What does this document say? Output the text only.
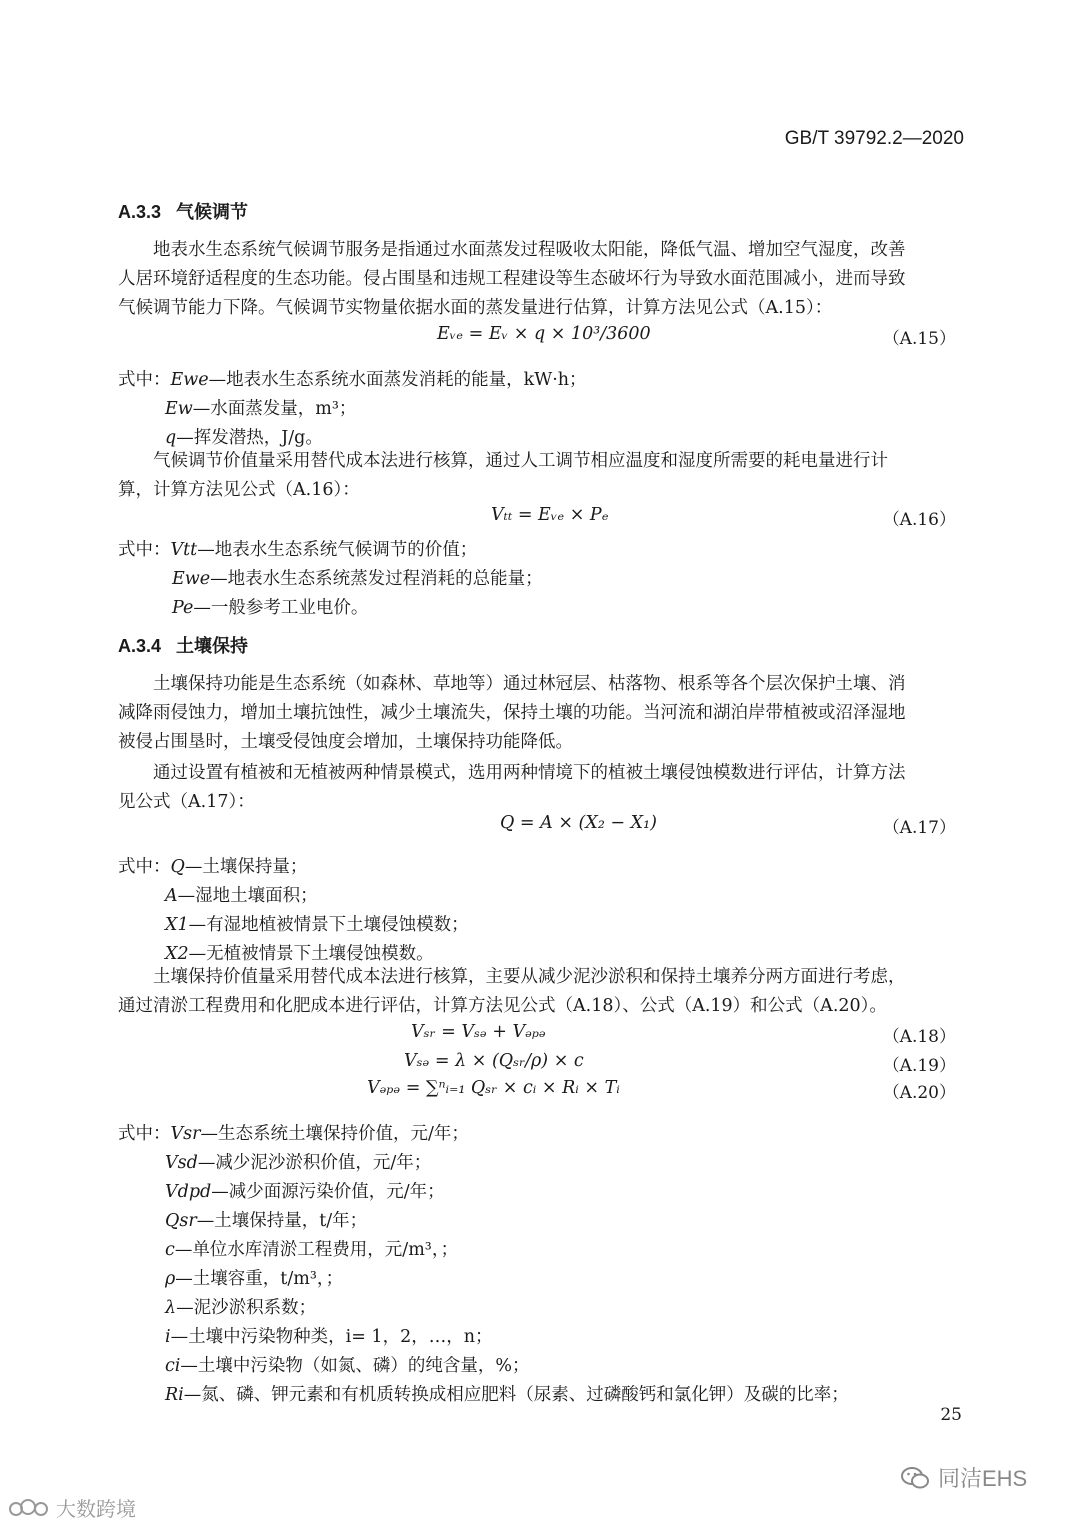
GB/T 39792.2—2020
A.3.3   气候调节
地表水生态系统气候调节服务是指通过水面蒸发过程吸收太阳能，降低气温、增加空气湿度，改善
人居环境舒适程度的生态功能。侵占围垦和违规工程建设等生态破坏行为导致水面范围减小，进而导致
气候调节能力下降。气候调节实物量依据水面的蒸发量进行估算，计算方法见公式（A.15）：
Eᵥₑ = Eᵥ × q × 10³/3600	（A.15）
式中：Ewe—地表水生态系统水面蒸发消耗的能量，kW·h；
Ew—水面蒸发量，m³；
q—挥发潜热，J/g。
气候调节价值量采用替代成本法进行核算，通过人工调节相应温度和湿度所需要的耗电量进行计
算，计算方法见公式（A.16）：
Vₜₜ = Eᵥₑ × Pₑ	（A.16）
式中：Vtt—地表水生态系统气候调节的价值；
Ewe—地表水生态系统蒸发过程消耗的总能量；
Pe—一般参考工业电价。
A.3.4   土壤保持
土壤保持功能是生态系统（如森林、草地等）通过林冠层、枯落物、根系等各个层次保护土壤、消
减降雨侵蚀力，增加土壤抗蚀性，减少土壤流失，保持土壤的功能。当河流和湖泊岸带植被或沼泽湿地
被侵占围垦时，土壤受侵蚀度会增加，土壤保持功能降低。
通过设置有植被和无植被两种情景模式，选用两种情境下的植被土壤侵蚀模数进行评估，计算方法
见公式（A.17）：
Q = A × (X₂ − X₁)	（A.17）
式中：Q—土壤保持量；
A—湿地土壤面积；
X1—有湿地植被情景下土壤侵蚀模数；
X2—无植被情景下土壤侵蚀模数。
土壤保持价值量采用替代成本法进行核算，主要从减少泥沙淤积和保持土壤养分两方面进行考虑，
通过清淤工程费用和化肥成本进行评估，计算方法见公式（A.18）、公式（A.19）和公式（A.20）。
Vₛᵣ = Vₛₔ + Vₔₚₔ	（A.18）
Vₛₔ = λ × (Qₛᵣ/ρ) × c	（A.19）
Vₔₚₔ = ∑ⁿᵢ₌₁ Qₛᵣ × cᵢ × Rᵢ × Tᵢ	（A.20）
式中：Vsr—生态系统土壤保持价值，元/年；
Vsd—减少泥沙淤积价值，元/年；
Vdpd—减少面源污染价值，元/年；
Qsr—土壤保持量，t/年；
c—单位水库清淤工程费用，元/m³，；
ρ—土壤容重，t/m³，；
λ—泥沙淤积系数；
i—土壤中污染物种类，i= 1，2，…，n；
ci—土壤中污染物（如氮、磷）的纯含量，%；
Ri—氮、磷、钾元素和有机质转换成相应肥料（尿素、过磷酸钙和氯化钾）及碳的比率；
25
同洁EHS
大数跨境
